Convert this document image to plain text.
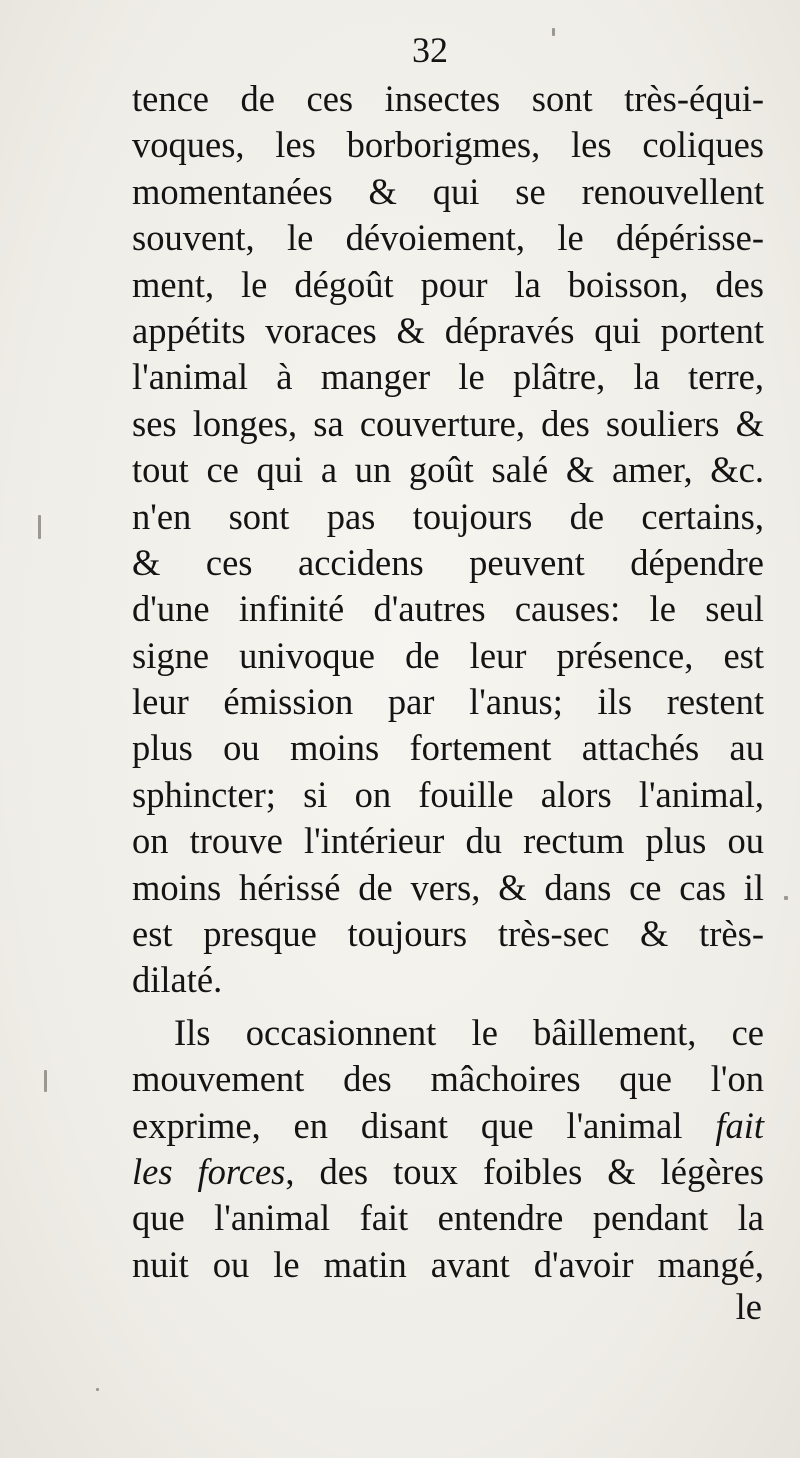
32
tence de ces insectes sont très-équi-
voques, les borborigmes, les coliques
momentanées & qui se renouvellent
souvent, le dévoiement, le dépérisse-
ment, le dégoût pour la boisson, des
appétits voraces & dépravés qui portent
l'animal à manger le plâtre, la terre,
ses longes, sa couverture, des souliers &
tout ce qui a un goût salé & amer, &c.
n'en sont pas toujours de certains,
& ces accidens peuvent dépendre
d'une infinité d'autres causes: le seul
signe univoque de leur présence, est
leur émission par l'anus; ils restent
plus ou moins fortement attachés au
sphincter; si on fouille alors l'animal,
on trouve l'intérieur du rectum plus ou
moins hérissé de vers, & dans ce cas il
est presque toujours très-sec & très-
dilaté.
Ils occasionnent le bâillement, ce
mouvement des mâchoires que l'on
exprime, en disant que l'animal fait
les forces, des toux foibles & légères
que l'animal fait entendre pendant la
nuit ou le matin avant d'avoir mangé,
le
